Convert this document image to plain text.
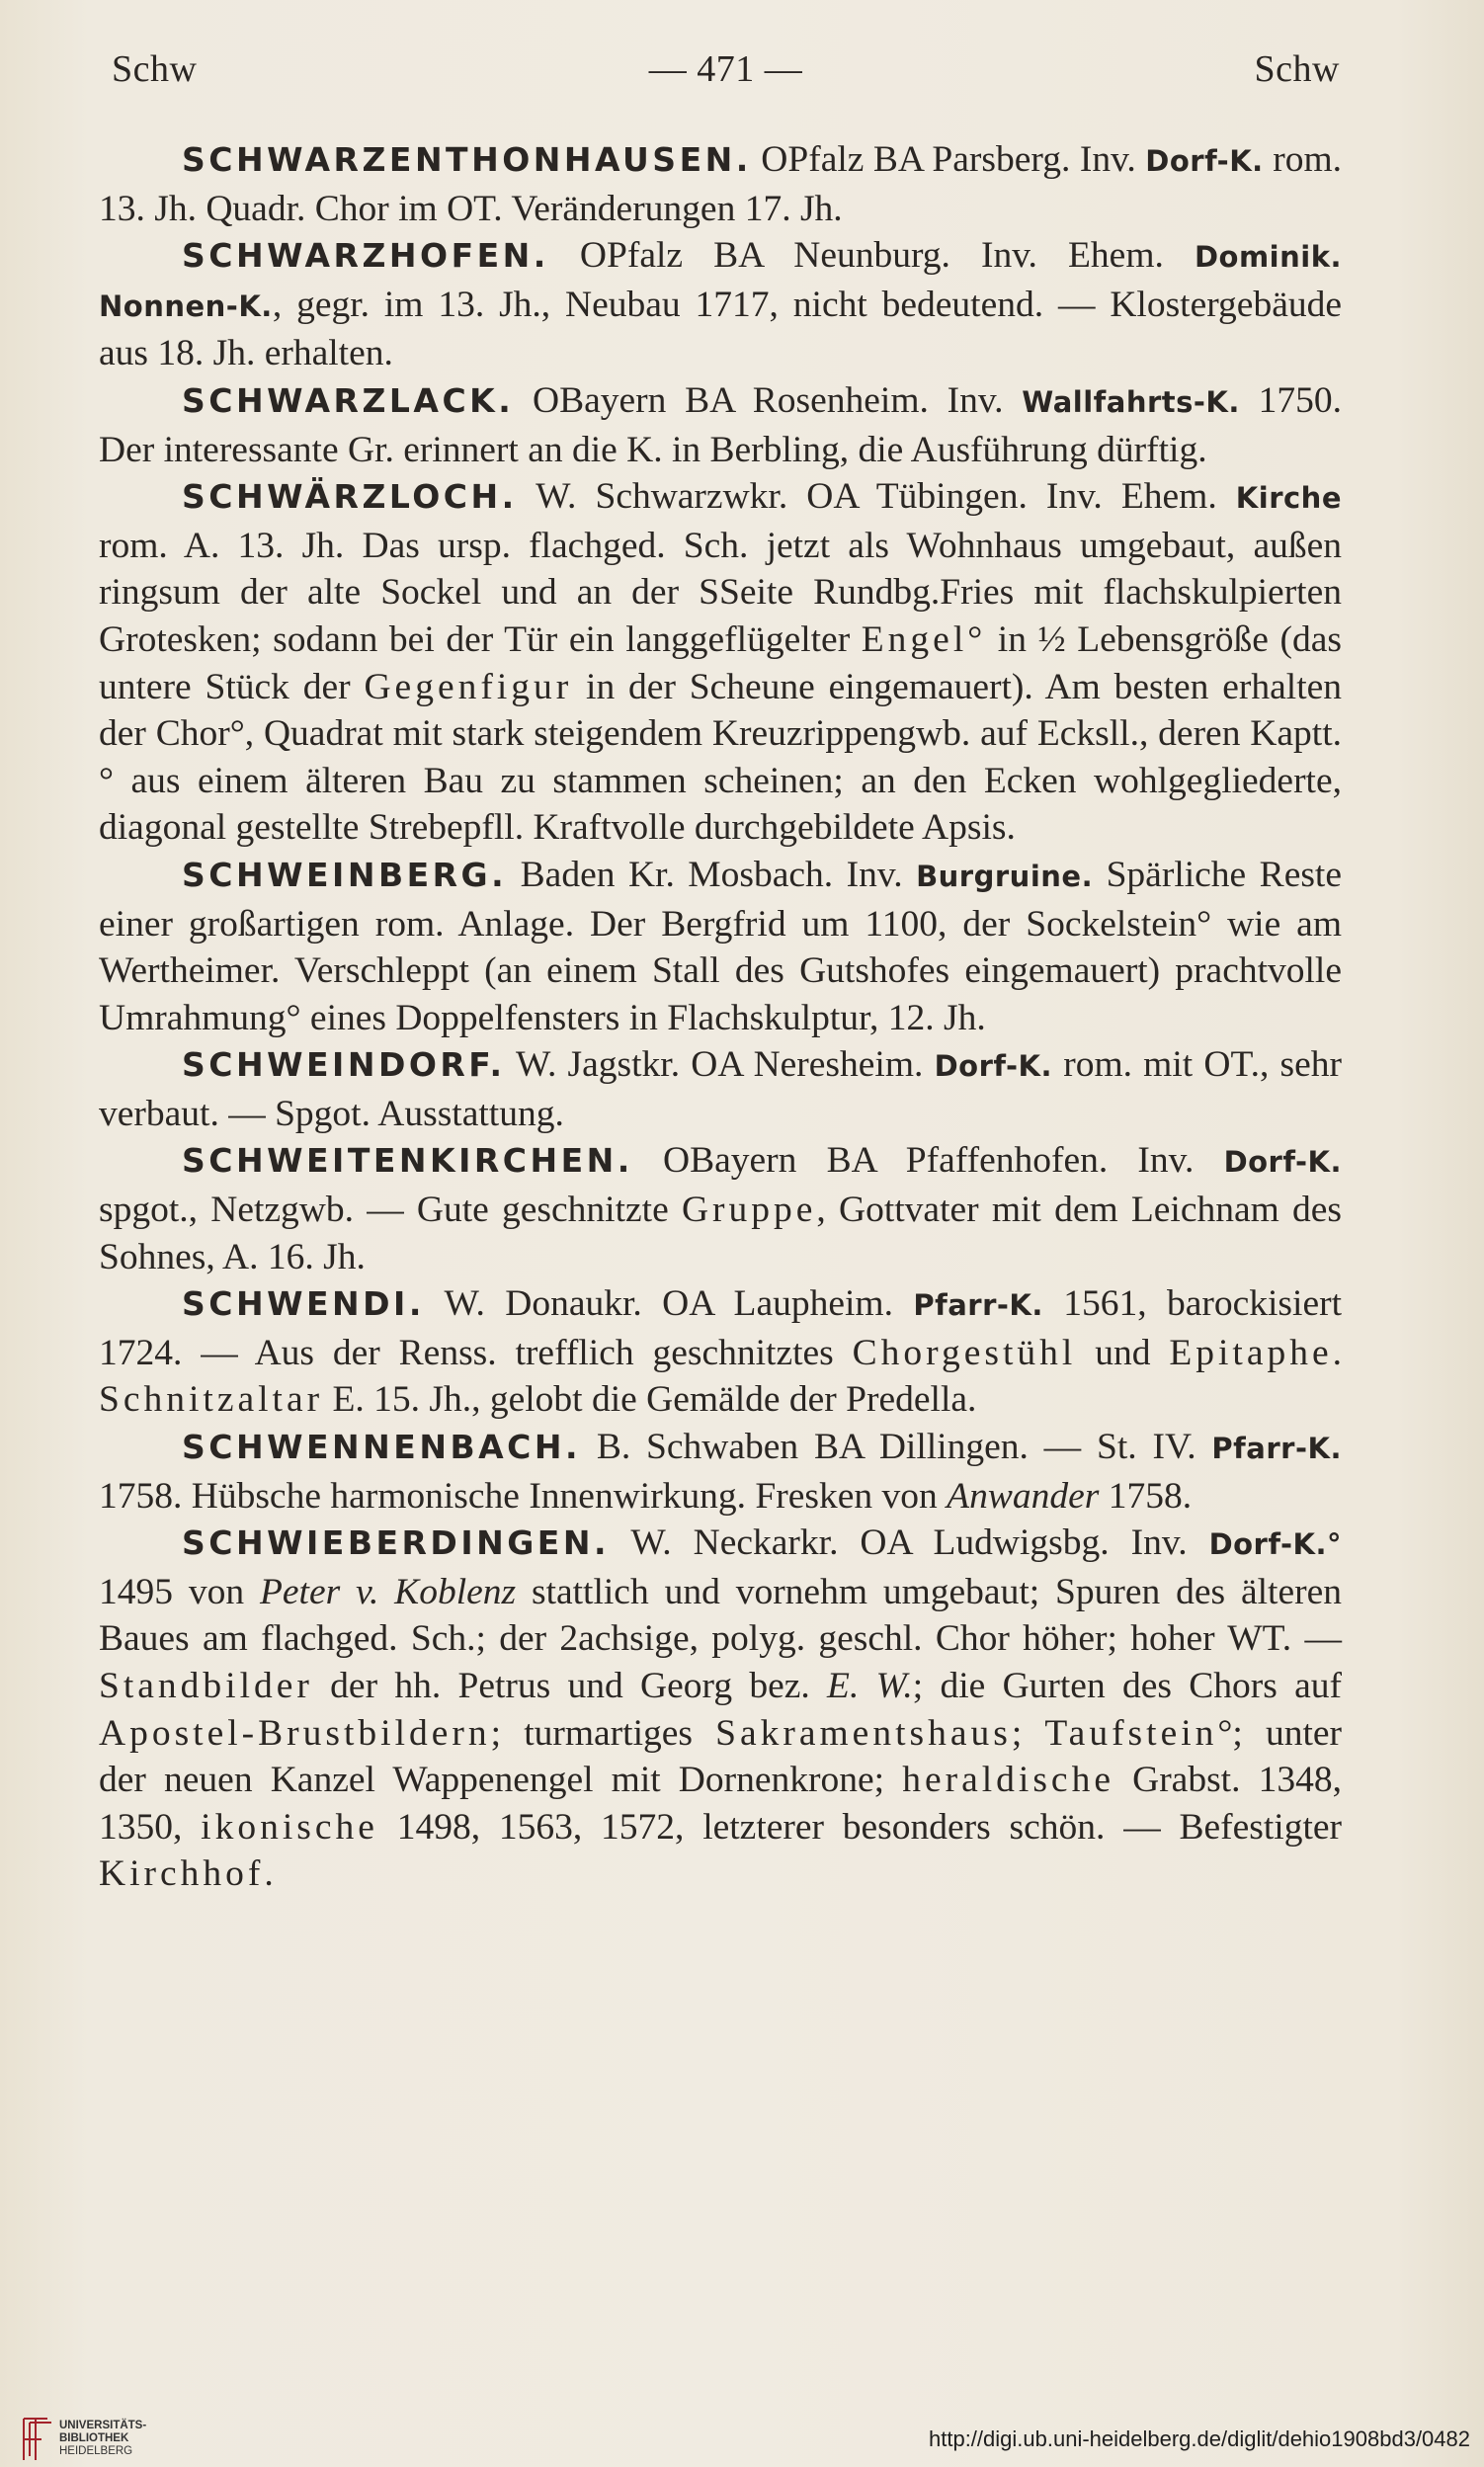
Schw	— 471 —	Schw

SCHWARZENTHONHAUSEN. OPfalz BA Parsberg. Inv. Dorf-K. rom. 13. Jh. Quadr. Chor im OT. Veränderungen 17. Jh.

SCHWARZHOFEN. OPfalz BA Neunburg. Inv. Ehem. Dominik. Nonnen-K., gegr. im 13. Jh., Neubau 1717, nicht bedeutend. — Klostergebäude aus 18. Jh. erhalten.

SCHWARZLACK. OBayern BA Rosenheim. Inv. Wallfahrts-K. 1750. Der interessante Gr. erinnert an die K. in Berbling, die Ausführung dürftig.

SCHWÄRZLOCH. W. Schwarzwkr. OA Tübingen. Inv. Ehem. Kirche rom. A. 13. Jh. Das ursp. flachged. Sch. jetzt als Wohnhaus umgebaut, außen ringsum der alte Sockel und an der SSeite Rundbg.Fries mit flachskulpierten Grotesken; sodann bei der Tür ein langgeflügelter Engel° in ½ Lebensgröße (das untere Stück der Gegenfigur in der Scheune eingemauert). Am besten erhalten der Chor°, Quadrat mit stark steigendem Kreuzrippengwb. auf Ecksll., deren Kaptt.° aus einem älteren Bau zu stammen scheinen; an den Ecken wohlgegliederte, diagonal gestellte Strebepfll. Kraftvolle durchgebildete Apsis.

SCHWEINBERG. Baden Kr. Mosbach. Inv. Burgruine. Spärliche Reste einer großartigen rom. Anlage. Der Bergfrid um 1100, der Sockelstein° wie am Wertheimer. Verschleppt (an einem Stall des Gutshofes eingemauert) prachtvolle Umrahmung° eines Doppelfensters in Flachskulptur, 12. Jh.

SCHWEINDORF. W. Jagstkr. OA Neresheim. Dorf-K. rom. mit OT., sehr verbaut. — Spgot. Ausstattung.

SCHWEITENKIRCHEN. OBayern BA Pfaffenhofen. Inv. Dorf-K. spgot., Netzgwb. — Gute geschnitzte Gruppe, Gottvater mit dem Leichnam des Sohnes, A. 16. Jh.

SCHWENDI. W. Donaukr. OA Laupheim. Pfarr-K. 1561, barockisiert 1724. — Aus der Renss. trefflich geschnitztes Chorgestühl und Epitaphe. Schnitzaltar E. 15. Jh., gelobt die Gemälde der Predella.

SCHWENNENBACH. B. Schwaben BA Dillingen. — St. IV. Pfarr-K. 1758. Hübsche harmonische Innenwirkung. Fresken von Anwander 1758.

SCHWIEBERDINGEN. W. Neckarkr. OA Ludwigsbg. Inv. Dorf-K.° 1495 von Peter v. Koblenz stattlich und vornehm umgebaut; Spuren des älteren Baues am flachged. Sch.; der 2achsige, polyg. geschl. Chor höher; hoher WT. — Standbilder der hh. Petrus und Georg bez. E. W.; die Gurten des Chors auf Apostel-Brustbildern; turmartiges Sakramentshaus; Taufstein°; unter der neuen Kanzel Wappenengel mit Dornenkrone; heraldische Grabst. 1348, 1350, ikonische 1498, 1563, 1572, letzterer besonders schön. — Befestigter Kirchhof.

UNIVERSITÄTS-
BIBLIOTHEK
HEIDELBERG	http://digi.ub.uni-heidelberg.de/diglit/dehio1908bd3/0482
